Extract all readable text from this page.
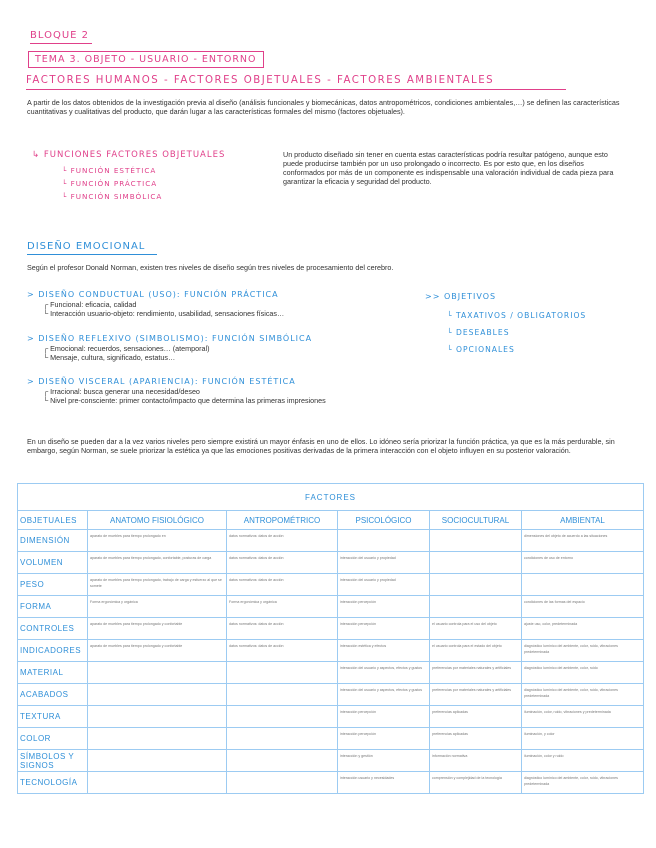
BLOQUE 2
TEMA 3. OBJETO - USUARIO - ENTORNO
FACTORES HUMANOS - FACTORES OBJETUALES - FACTORES AMBIENTALES
A partir de los datos obtenidos de la investigación previa al diseño (análisis funcionales y biomecánicas, datos antropométricos, condiciones ambientales,…) se definen las características cuantitativas y cualitativas del producto, que darán lugar a las características formales del mismo (factores objetuales).
↳ FUNCIONES FACTORES OBJETUALES
└ FUNCIÓN ESTÉTICA
└ FUNCIÓN PRÁCTICA
└ FUNCIÓN SIMBÓLICA
Un producto diseñado sin tener en cuenta estas características podría resultar patógeno, aunque esto puede producirse también por un uso prolongado o incorrecto. Es por esto que, en los diseños conformados por más de un componente es indispensable una valoración individual de cada pieza para garantizar la eficacia y seguridad del producto.
DISEÑO EMOCIONAL
Según el profesor Donald Norman, existen tres niveles de diseño según tres niveles de procesamiento del cerebro.
> DISEÑO CONDUCTUAL (USO): FUNCIÓN PRÁCTICA
┌ Funcional: eficacia, calidad
└ Interacción usuario-objeto: rendimiento, usabilidad, sensaciones físicas…
> DISEÑO REFLEXIVO (SIMBOLISMO): FUNCIÓN SIMBÓLICA
┌ Emocional: recuerdos, sensaciones… (atemporal)
└ Mensaje, cultura, significado, estatus…
> DISEÑO VISCERAL (APARIENCIA): FUNCIÓN ESTÉTICA
┌ Irracional: busca generar una necesidad/deseo
└ Nivel pre-consciente: primer contacto/impacto que determina las primeras impresiones
>> OBJETIVOS
└ TAXATIVOS / OBLIGATORIOS
└ DESEABLES
└ OPCIONALES
En un diseño se pueden dar a la vez varios niveles pero siempre existirá un mayor énfasis en uno de ellos. Lo idóneo sería priorizar la función práctica, ya que es la más perdurable, sin embargo, según Norman, se suele priorizar la estética ya que las emociones positivas derivadas de la primera interacción con el objeto influyen en su posterior valoración.
FACTORES					
OBJETUALES	ANATOMO FISIOLÓGICO	ANTROPOMÉTRICO	PSICOLÓGICO	SOCIOCULTURAL	AMBIENTAL
DIMENSIÓN	aparato de muebles para tiempo prolongado en	datos normativos: datos de acción			dimensiones del objeto de acuerdo a las situaciones
VOLUMEN	aparato de muebles para tiempo prolongado, confortable, posturas de carga	datos normativos: datos de acción	interacción del usuario y propiedad		condiciones de uso de entorno
PESO	aparato de muebles para tiempo prolongado, trabajo de carga y esfuerzo al que se somete	datos normativos: datos de acción	interacción del usuario y propiedad		
FORMA	Forma ergonómica y orgánica	Forma ergonómica y orgánica	interacción percepción		condiciones de las formas del espacio
CONTROLES	aparato de muebles para tiempo prolongado y confortable	datos normativos: datos de acción	interacción percepción	el usuario controla para el uso del objeto	ajuste uso, color, predeterminada
INDICADORES	aparato de muebles para tiempo prolongado y confortable	datos normativos: datos de acción	interacción estética y efectos	el usuario controla para el estado del objeto	diagnóstico lumínico del ambiente, color, ruido, vibraciones predeterminada
MATERIAL			interacción del usuario y aspectos, efectos y gustos	preferencias por materiales naturales y artificiales	diagnóstico lumínico del ambiente, color, ruido
ACABADOS			interacción del usuario y aspectos, efectos y gustos	preferencias por materiales naturales y artificiales	diagnóstico lumínico del ambiente, color, ruido, vibraciones predeterminada
TEXTURA			interacción percepción	preferencias aplicadas	iluminación, color, ruido, vibraciones y predeterminada
COLOR			interacción percepción	preferencias aplicadas	iluminación, y color
SÍMBOLOS Y SIGNOS			interacción y gestión	información normativa	iluminación, color y ruido
TECNOLOGÍA			interacción usuario y necesidades	comprensión y complejidad de la tecnología	diagnóstico lumínico del ambiente, color, ruido, vibraciones predeterminada
